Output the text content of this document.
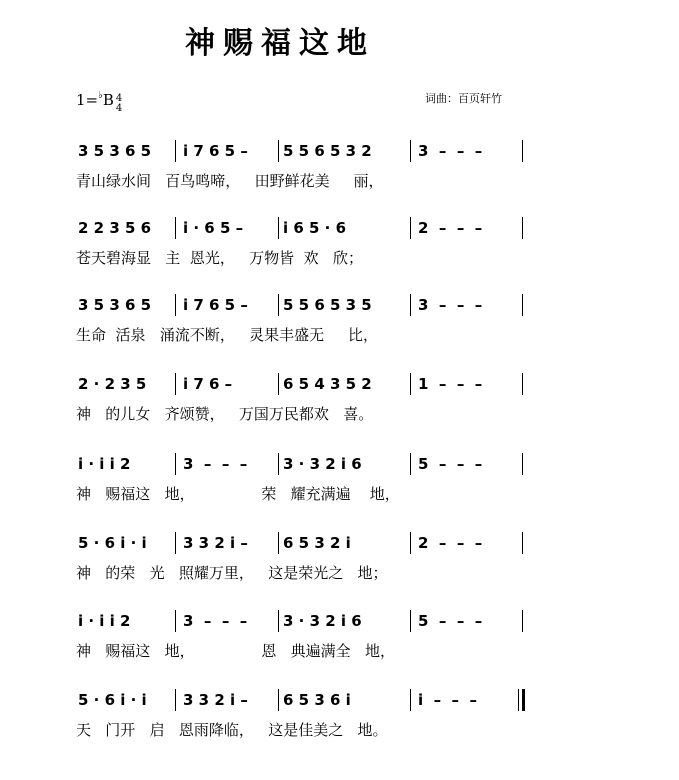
神赐福这地
1=♭B 4
4
词曲：百页轩竹
3 5 3 6 5 i 7 6 5 – 5 5 6 5 3 2	3  –  –  –
青山绿水间   百鸟鸣啼，   田野鲜花美     丽，
2 2 3 5 6 i · 6 5 –	i 6 5 · 6	2  –  –  –
苍天碧海显   主  恩光，   万物皆  欢   欣；
3 5 3 6 5 i 7 6 5 – 5 5 6 5 3 5	3  –  –  –
生命  活泉   涌流不断，   灵果丰盛无     比，
2 · 2 3 5 i 7 6 –	6 5 4 3 5 2	1  –  –  –
神   的儿女   齐颂赞，   万国万民都欢   喜。
i · i i 2	3  –  –  – 3 · 3 2 i 6	5  –  –  –
神   赐福这   地，              荣   耀充满遍    地，
5 · 6 i · i 3 3 2 i – 6 5 3 2 i	2  –  –  –
神   的荣   光   照耀万里，   这是荣光之   地；
i · i i 2	3  –  –  – 3 · 3 2 i 6	5  –  –  –
神   赐福这   地，              恩   典遍满全   地，
5 · 6 i · i 3 3 2 i – 6 5 3 6 i	i  –  –  –
天   门开   启   恩雨降临，   这是佳美之   地。
